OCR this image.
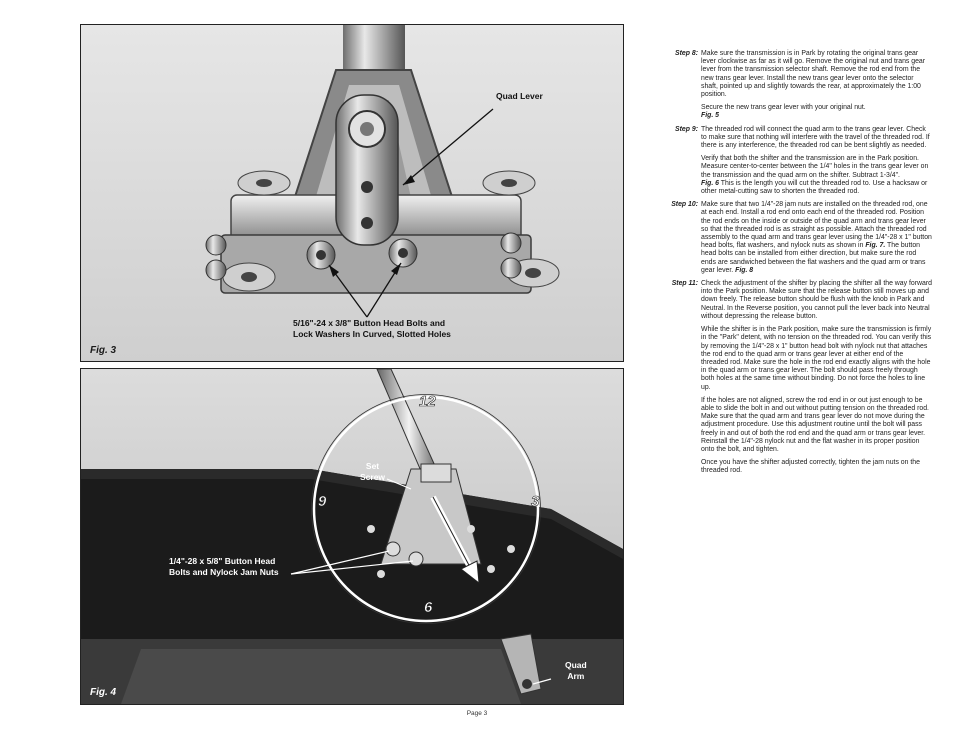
Quad Lever
5/16"-24 x 3/8" Button Head Bolts and
Lock Washers In Curved, Slotted Holes
Fig. 3
12
3
6
9
Set
Screw
1/4"-28 x 5/8" Button Head
Bolts and Nylock Jam Nuts
Quad
Arm
Fig. 4
Step 8: Make sure the transmission is in Park by rotating the original trans gear lever clockwise as far as it will go. Remove the original nut and trans gear lever from the transmission selector shaft. Remove the rod end from the new trans gear lever. Install the new trans gear lever onto the selector shaft, pointed up and slightly towards the rear, at approximately the 1:00 position.

Secure the new trans gear lever with your original nut.
Fig. 5

Step 9: The threaded rod will connect the quad arm to the trans gear lever. Check to make sure that nothing will interfere with the travel of the threaded rod. If there is any interference, the threaded rod can be bent slightly as needed.

Verify that both the shifter and the transmission are in the Park position. Measure center-to-center between the 1/4" holes in the trans gear lever on the transmission and the quad arm on the shifter. Subtract 1-3/4".
Fig. 6 This is the length you will cut the threaded rod to. Use a hacksaw or other metal-cutting saw to shorten the threaded rod.

Step 10: Make sure that two 1/4"-28 jam nuts are installed on the threaded rod, one at each end. Install a rod end onto each end of the threaded rod. Position the rod ends on the inside or outside of the quad arm and trans gear lever so that the threaded rod is as straight as possible. Attach the threaded rod assembly to the quad arm and trans gear lever using the 1/4"-28 x 1" button head bolts, flat washers, and nylock nuts as shown in Fig. 7. The button head bolts can be installed from either direction, but make sure the rod ends are sandwiched between the flat washers and the quad arm or trans gear lever. Fig. 8

Step 11: Check the adjustment of the shifter by placing the shifter all the way forward into the Park position. Make sure that the release button still moves up and down freely. The release button should be flush with the knob in Park and Neutral. In the Reverse position, you cannot pull the lever back into Neutral without depressing the release button.

While the shifter is in the Park position, make sure the transmission is firmly in the "Park" detent, with no tension on the threaded rod. You can verify this by removing the 1/4"-28 x 1" button head bolt with nylock nut that attaches the rod end to the quad arm or trans gear lever at either end of the threaded rod. Make sure the hole in the rod end exactly aligns with the hole in the quad arm or trans gear lever. The bolt should pass freely through both holes at the same time without binding. Do not force the holes to line up.

If the holes are not aligned, screw the rod end in or out just enough to be able to slide the bolt in and out without putting tension on the threaded rod. Make sure that the quad arm and trans gear lever do not move during the adjustment procedure. Use this adjustment routine until the bolt will pass freely in and out of both the rod end and the quad arm or trans gear lever. Reinstall the 1/4"-28 nylock nut and the flat washer in its proper position onto the bolt, and tighten.

Once you have the shifter adjusted correctly, tighten the jam nuts on the threaded rod.

Page 3
